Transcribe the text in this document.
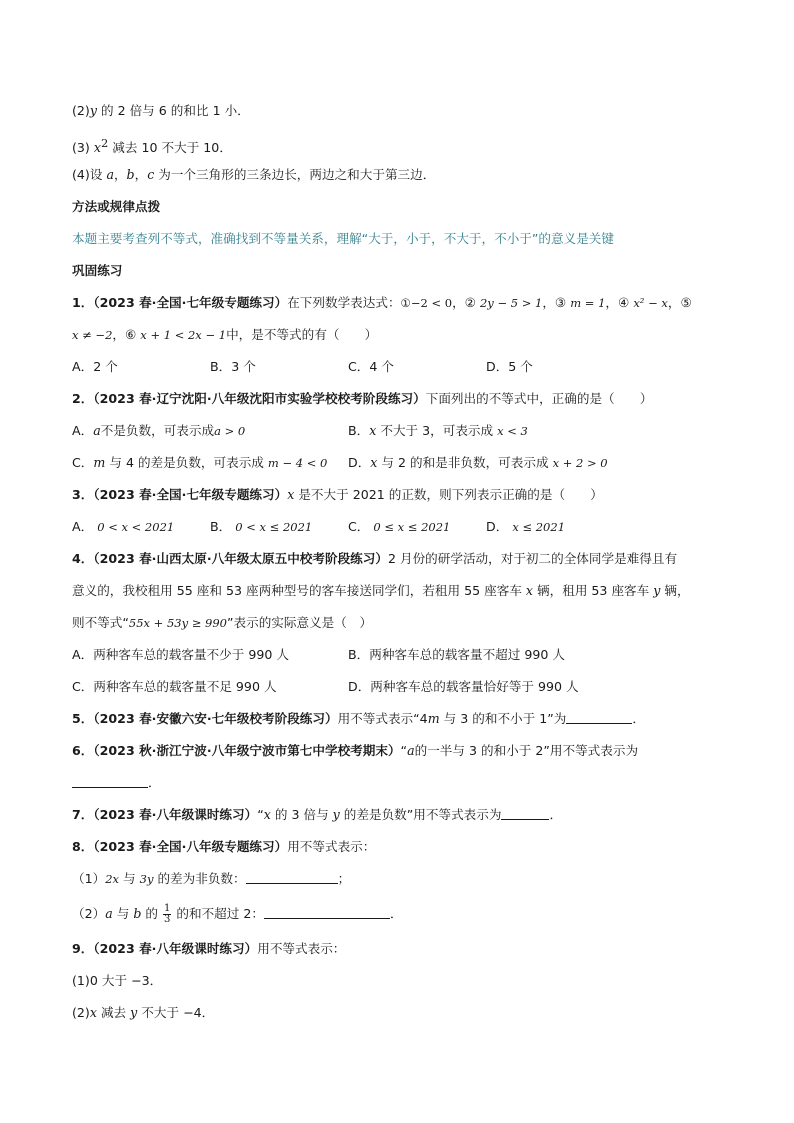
(2)y 的 2 倍与 6 的和比 1 小．
(3) $x^2$ 减去 10 不大于 10．
(4)设 a，b，c 为一个三角形的三条边长，两边之和大于第三边．
方法或规律点拨
本题主要考查列不等式，准确找到不等量关系，理解“大于，小于，不大于，不小于”的意义是关键
巩固练习
1．（2023 春·全国·七年级专题练习）在下列数学表达式：①−2 < 0，② 2y − 5 > 1，③ m = 1，④ x² − x，⑤
x ≠ −2，⑥ x + 1 < 2x − 1中，是不等式的有（　　）
A．2 个	B．3 个	C．4 个	D．5 个
2．（2023 春·辽宁沈阳·八年级沈阳市实验学校校考阶段练习）下面列出的不等式中，正确的是（　　）
A．a不是负数，可表示成a > 0	B．x 不大于 3，可表示成 x < 3
C．m 与 4 的差是负数，可表示成 m − 4 < 0 D．x 与 2 的和是非负数，可表示成 x + 2 > 0
3．（2023 春·全国·七年级专题练习）x 是不大于 2021 的正数，则下列表示正确的是（　　）
A． 0 < x < 2021	B． 0 < x ≤ 2021	C． 0 ≤ x ≤ 2021	D． x ≤ 2021
4．（2023 春·山西太原·八年级太原五中校考阶段练习）2 月份的研学活动，对于初二的全体同学是难得且有
意义的，我校租用 55 座和 53 座两种型号的客车接送同学们，若租用 55 座客车 x 辆，租用 53 座客车 y 辆，
则不等式“55x + 53y ≥ 990”表示的实际意义是（　）
A．两种客车总的载客量不少于 990 人	B．两种客车总的载客量不超过 990 人
C．两种客车总的载客量不足 990 人	D．两种客车总的载客量恰好等于 990 人
5．（2023 春·安徽六安·七年级校考阶段练习）用不等式表示“4m 与 3 的和不小于 1”为	．
6．（2023 秋·浙江宁波·八年级宁波市第七中学校考期末）“a的一半与 3 的和小于 2”用不等式表示为
．
7．（2023 春·八年级课时练习）“x 的 3 倍与 y 的差是负数”用不等式表示为	．
8．（2023 春·全国·八年级专题练习）用不等式表示：
（1）2x 与 3y 的差为非负数：	；
（2）a 与 b 的 $\frac{1}{3}$ 的和不超过 2：	．
9．（2023 春·八年级课时练习）用不等式表示：
(1)0 大于 −3．
(2)x 减去 y 不大于 −4．
